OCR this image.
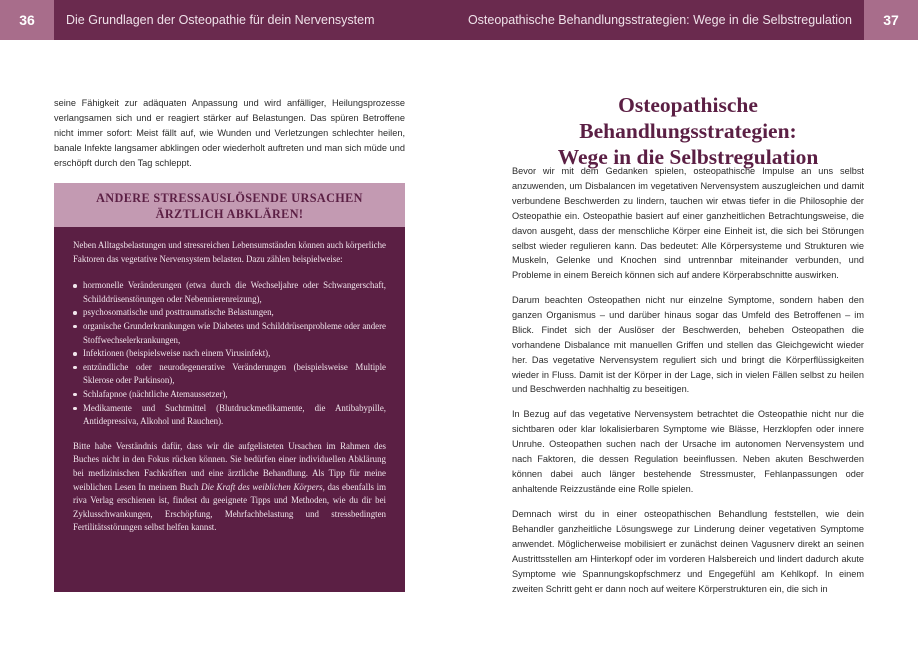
36	Die Grundlagen der Osteopathie für dein Nervensystem	Osteopathische Behandlungsstrategien: Wege in die Selbstregulation	37

seine Fähigkeit zur adäquaten Anpassung und wird anfälliger, Heilungsprozesse verlangsamen sich und er reagiert stärker auf Belastungen. Das spüren Betroffene nicht immer sofort: Meist fällt auf, wie Wunden und Verletzungen schlechter heilen, banale Infekte langsamer abklingen oder wiederholt auftreten und man sich müde und erschöpft durch den Tag schleppt.

ANDERE STRESSAUSLÖSENDE URSACHEN
ÄRZTLICH ABKLÄREN!

Neben Alltagsbelastungen und stressreichen Lebensumständen können auch körperliche Faktoren das vegetative Nervensystem belasten. Dazu zählen beispielweise:

hormonelle Veränderungen (etwa durch die Wechseljahre oder Schwangerschaft, Schilddrüsenstörungen oder Nebennierenreizung),
psychosomatische und posttraumatische Belastungen,
organische Grunderkrankungen wie Diabetes und Schilddrüsenprobleme oder andere Stoffwechselerkrankungen,
Infektionen (beispielsweise nach einem Virusinfekt),
entzündliche oder neurodegenerative Veränderungen (beispielsweise Multiple Sklerose oder Parkinson),
Schlafapnoe (nächtliche Atemaussetzer),
Medikamente und Suchtmittel (Blutdruckmedikamente, die Antibabypille, Antidepressiva, Alkohol und Rauchen).

Bitte habe Verständnis dafür, dass wir die aufgelisteten Ursachen im Rahmen des Buches nicht in den Fokus rücken können. Sie bedürfen einer individuellen Abklärung bei medizinischen Fachkräften und eine ärztliche Behandlung. Als Tipp für meine weiblichen Lesen In meinem Buch Die Kraft des weiblichen Körpers, das ebenfalls im riva Verlag erschienen ist, findest du geeignete Tipps und Methoden, wie du dir bei Zyklusschwankungen, Erschöpfung, Mehrfachbelastung und stressbedingten Fertilitätsstörungen selbst helfen kannst.

Osteopathische Behandlungsstrategien:
Wege in die Selbstregulation

Bevor wir mit dem Gedanken spielen, osteopathische Impulse an uns selbst anzuwenden, um Disbalancen im vegetativen Nervensystem auszugleichen und damit verbundene Beschwerden zu lindern, tauchen wir etwas tiefer in die Philosophie der Osteopathie ein. Osteopathie basiert auf einer ganzheitlichen Betrachtungsweise, die davon ausgeht, dass der menschliche Körper eine Einheit ist, die sich bei Störungen selbst wieder regulieren kann. Das bedeutet: Alle Körpersysteme und Strukturen wie Muskeln, Gelenke und Knochen sind untrennbar miteinander verbunden, und Probleme in einem Bereich können sich auf andere Körperabschnitte auswirken.

Darum beachten Osteopathen nicht nur einzelne Symptome, sondern haben den ganzen Organismus – und darüber hinaus sogar das Umfeld des Betroffenen – im Blick. Findet sich der Auslöser der Beschwerden, beheben Osteopathen die vorhandene Disbalance mit manuellen Griffen und stellen das Gleichgewicht wieder her. Das vegetative Nervensystem reguliert sich und bringt die Körperflüssigkeiten wieder in Fluss. Damit ist der Körper in der Lage, sich in vielen Fällen selbst zu heilen und Beschwerden nachhaltig zu beseitigen.

In Bezug auf das vegetative Nervensystem betrachtet die Osteopathie nicht nur die sichtbaren oder klar lokalisierbaren Symptome wie Blässe, Herzklopfen oder innere Unruhe. Osteopathen suchen nach der Ursache im autonomen Nervensystem und nach Faktoren, die dessen Regulation beeinflussen. Neben akuten Beschwerden können dabei auch länger bestehende Stressmuster, Fehlanpassungen oder anhaltende Reizzustände eine Rolle spielen.

Demnach wirst du in einer osteopathischen Behandlung feststellen, wie dein Behandler ganzheitliche Lösungswege zur Linderung deiner vegetativen Symptome anwendet. Möglicherweise mobilisiert er zunächst deinen Vagusnerv direkt an seinen Austrittsstellen am Hinterkopf oder im vorderen Halsbereich und lindert dadurch akute Symptome wie Spannungskopfschmerz und Engegefühl am Kehlkopf. In einem zweiten Schritt geht er dann noch auf weitere Körperstrukturen ein, die sich in
